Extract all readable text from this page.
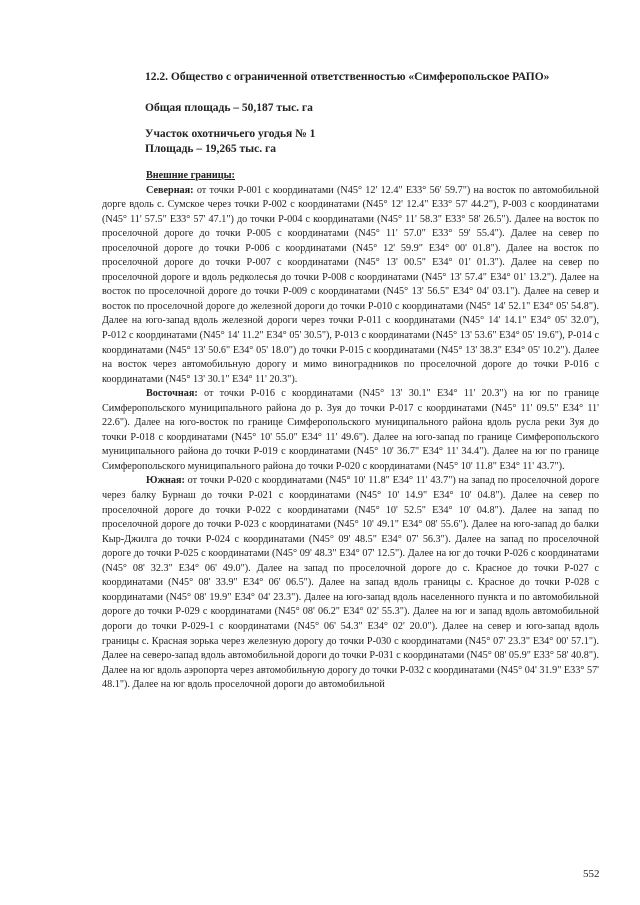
12.2. Общество с ограниченной ответственностью «Симферопольское РАПО»
Общая площадь – 50,187 тыс. га
Участок охотничьего угодья № 1
Площадь – 19,265 тыс. га

Внешние границы:

Северная: от точки Р-001 с координатами (N45° 12' 12.4" E33° 56' 59.7") на восток по автомобильной дорге вдоль с. Сумское через точки Р-002 с координатами (N45° 12' 12.4" E33° 57' 44.2"), Р-003 с координатами (N45° 11' 57.5" E33° 57' 47.1") до точки Р-004 с координатами (N45° 11' 58.3" E33° 58' 26.5"). Далее на восток по проселочной дороге до точки Р-005 с координатами (N45° 11' 57.0" E33° 59' 55.4"). Далее на север по проселочной дороге до точки Р-006 с координатами (N45° 12' 59.9" E34° 00' 01.8"). Далее на восток по проселочной дороге до точки Р-007 с координатами (N45° 13' 00.5" E34° 01' 01.3"). Далее на север по проселочной дороге и вдоль редколесья до точки Р-008 с координатами (N45° 13' 57.4" E34° 01' 13.2"). Далее на восток по проселочной дороге до точки Р-009 с координатами (N45° 13' 56.5" E34° 04' 03.1"). Далее на север и восток по проселочной дороге до железной дороги до точки Р-010 с координатами (N45° 14' 52.1" E34° 05' 54.8"). Далее на юго-запад вдоль железной дороги через точки Р-011 с координатами (N45° 14' 14.1" E34° 05' 32.0"), Р-012 с координатами (N45° 14' 11.2" E34° 05' 30.5"), Р-013 с координатами (N45° 13' 53.6" E34° 05' 19.6"), Р-014 с координатами (N45° 13' 50.6" E34° 05' 18.0") до точки Р-015 с координатами (N45° 13' 38.3" E34° 05' 10.2"). Далее на восток через автомобильную дорогу и мимо виноградников по проселочной дороге до точки Р-016 с координатами (N45° 13' 30.1" E34° 11' 20.3").

Восточная: от точки Р-016 с координатами (N45° 13' 30.1" E34° 11' 20.3") на юг по границе Симферопольского муниципального района до р. Зуя до точки Р-017 с координатами (N45° 11' 09.5" E34° 11' 22.6"). Далее на юго-восток по границе Симферопольского муниципального района вдоль русла реки Зуя до точки Р-018 с координатами (N45° 10' 55.0" E34° 11' 49.6"). Далее на юго-запад по границе Симферопольского муниципального района до точки Р-019 с координатами (N45° 10' 36.7" E34° 11' 34.4"). Далее на юг по границе Симферопольского муниципального района до точки Р-020 с координатами (N45° 10' 11.8" E34° 11' 43.7").

Южная: от точки Р-020 с координатами (N45° 10' 11.8" E34° 11' 43.7") на запад по проселочной дороге через балку Бурнаш до точки Р-021 с координатами (N45° 10' 14.9" E34° 10' 04.8"). Далее на север по проселочной дороге до точки Р-022 с координатами (N45° 10' 52.5" E34° 10' 04.8"). Далее на запад по проселочной дороге до точки Р-023 с координатами (N45° 10' 49.1" E34° 08' 55.6"). Далее на юго-запад до балки Кыр-Джилга до точки Р-024 с координатами (N45° 09' 48.5" E34° 07' 56.3"). Далее на запад по проселочной дороге до точки Р-025 с координатами (N45° 09' 48.3" E34° 07' 12.5"). Далее на юг до точки Р-026 с координатами (N45° 08' 32.3" E34° 06' 49.0"). Далее на запад по проселочной дороге до с. Красное до точки Р-027 с координатами (N45° 08' 33.9" E34° 06' 06.5"). Далее на запад вдоль границы с. Красное до точки Р-028 с координатами (N45° 08' 19.9" E34° 04' 23.3"). Далее на юго-запад вдоль населенного пункта и по автомобильной дороге до точки Р-029 с координатами (N45° 08' 06.2" E34° 02' 55.3"). Далее на юг и запад вдоль автомобильной дороги до точки Р-029-1 с координатами (N45° 06' 54.3" E34° 02' 20.0"). Далее на север и юго-запад вдоль границы с. Красная зорька через железную дорогу до точки Р-030 с координатами (N45° 07' 23.3" E34° 00' 57.1"). Далее на северо-запад вдоль автомобильной дороги до точки Р-031 с координатами (N45° 08' 05.9" E33° 58' 40.8"). Далее на юг вдоль аэропорта через автомобильную дорогу до точки Р-032 с координатами (N45° 04' 31.9" E33° 57' 48.1"). Далее на юг вдоль проселочной дороги до автомобильной

552
